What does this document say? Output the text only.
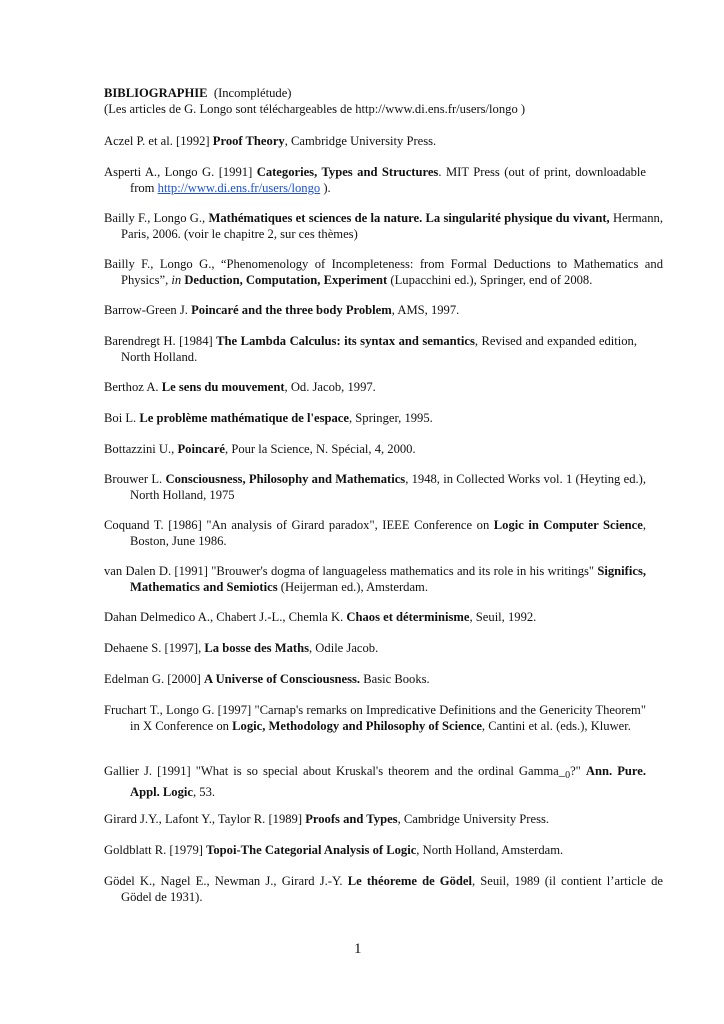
BIBLIOGRAPHIE (Incomplétude)
(Les articles de G. Longo sont téléchargeables de http://www.di.ens.fr/users/longo )
Aczel P. et al. [1992] Proof Theory, Cambridge University Press.
Asperti A., Longo G. [1991] Categories, Types and Structures. MIT Press (out of print, downloadable from http://www.di.ens.fr/users/longo ).
Bailly F., Longo G., Mathématiques et sciences de la nature. La singularité physique du vivant, Hermann, Paris, 2006. (voir le chapitre 2, sur ces thèmes)
Bailly F., Longo G., “Phenomenology of Incompleteness: from Formal Deductions to Mathematics and Physics”, in Deduction, Computation, Experiment (Lupacchini ed.), Springer, end of 2008.
Barrow-Green J. Poincaré and the three body Problem, AMS, 1997.
Barendregt H. [1984] The Lambda Calculus: its syntax and semantics, Revised and expanded edition, North Holland.
Berthoz A. Le sens du mouvement, Od. Jacob, 1997.
Boi L. Le problème mathématique de l'espace, Springer, 1995.
Bottazzini U., Poincaré, Pour la Science, N. Spécial, 4, 2000.
Brouwer L. Consciousness, Philosophy and Mathematics, 1948, in Collected Works vol. 1 (Heyting ed.), North Holland, 1975
Coquand T. [1986] "An analysis of Girard paradox", IEEE Conference on Logic in Computer Science, Boston, June 1986.
van Dalen D. [1991] "Brouwer's dogma of languageless mathematics and its role in his writings" Significs, Mathematics and Semiotics (Heijerman ed.), Amsterdam.
Dahan Delmedico A., Chabert J.-L., Chemla K. Chaos et déterminisme, Seuil, 1992.
Dehaene S. [1997], La bosse des Maths, Odile Jacob.
Edelman G. [2000] A Universe of Consciousness. Basic Books.
Fruchart T., Longo G. [1997] "Carnap's remarks on Impredicative Definitions and the Genericity Theorem" in X Conference on Logic, Methodology and Philosophy of Science, Cantini et al. (eds.), Kluwer.
Gallier J. [1991] "What is so special about Kruskal's theorem and the ordinal $Gamma\__0$?" Ann. Pure. Appl. Logic, 53.
Girard J.Y., Lafont Y., Taylor R. [1989] Proofs and Types, Cambridge University Press.
Goldblatt R. [1979] Topoi-The Categorial Analysis of Logic, North Holland, Amsterdam.
Gödel K., Nagel E., Newman J., Girard J.-Y. Le théoreme de Gödel, Seuil, 1989 (il contient l’article de Gödel de 1931).
1
